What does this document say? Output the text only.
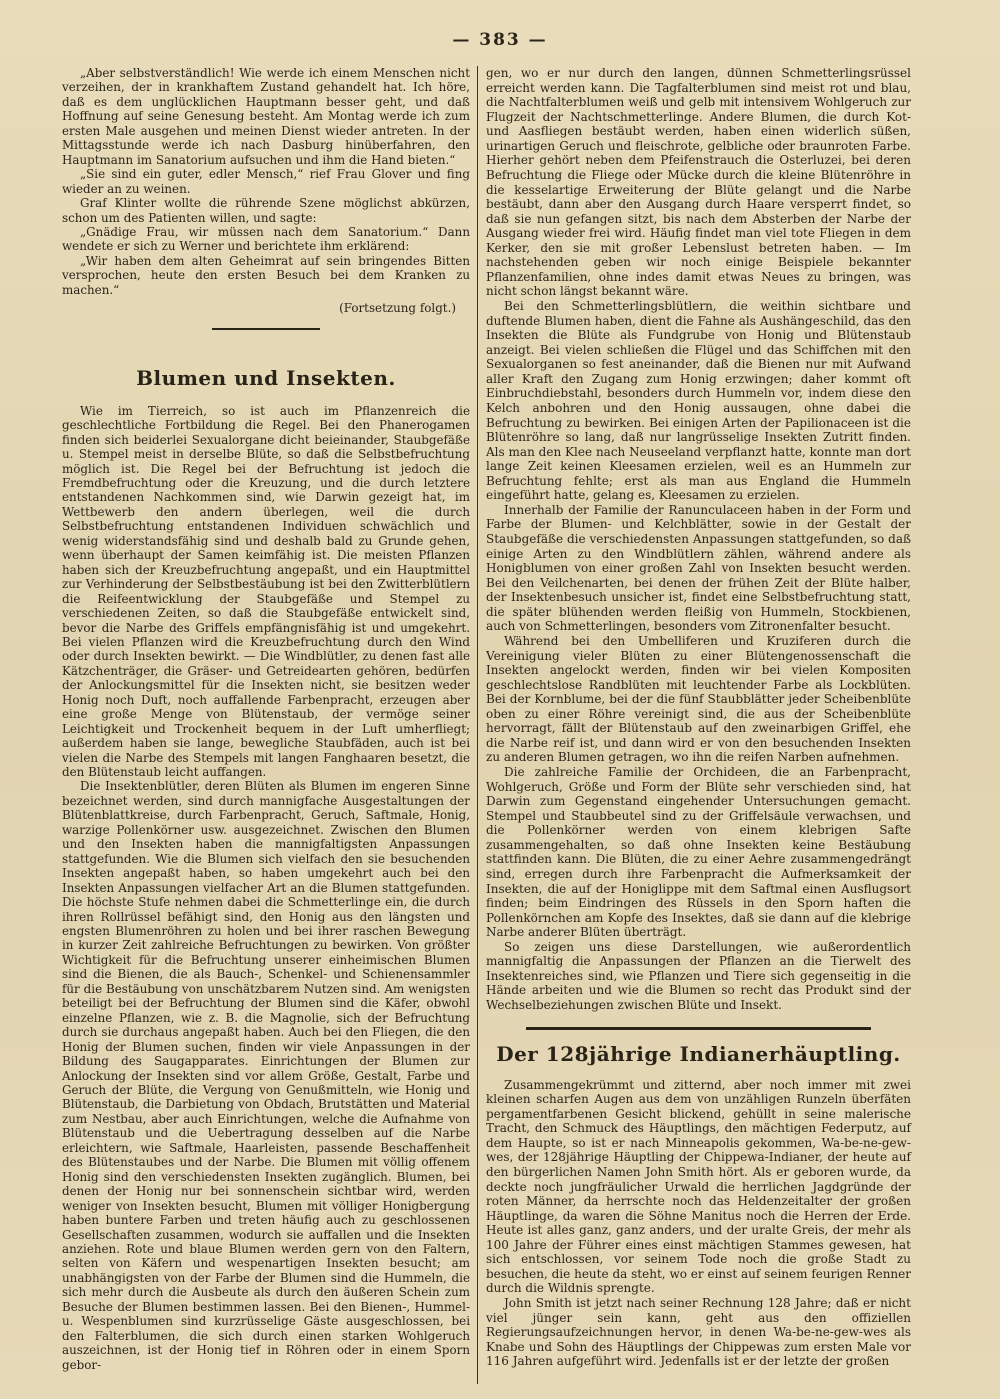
— 383 —

„Aber selbstverständlich! Wie werde ich einem Menschen nicht verzeihen, der in krankhaftem Zustand gehandelt hat. Ich höre, daß es dem unglücklichen Hauptmann besser geht, und daß Hoffnung auf seine Genesung besteht. Am Montag werde ich zum ersten Male ausgehen und meinen Dienst wieder antreten. In der Mittagsstunde werde ich nach Dasburg hinüberfahren, den Hauptmann im Sanatorium aufsuchen und ihm die Hand bieten.“

„Sie sind ein guter, edler Mensch,“ rief Frau Glover und fing wieder an zu weinen.

Graf Klinter wollte die rührende Szene möglichst abkürzen, schon um des Patienten willen, und sagte:

„Gnädige Frau, wir müssen nach dem Sanatorium.“ Dann wendete er sich zu Werner und berichtete ihm erklärend:

„Wir haben dem alten Geheimrat auf sein bringendes Bitten versprochen, heute den ersten Besuch bei dem Kranken zu machen.“

(Fortsetzung folgt.)

Blumen und Insekten.

Wie im Tierreich, so ist auch im Pflanzenreich die geschlechtliche Fortbildung die Regel. Bei den Phanerogamen finden sich beiderlei Sexualorgane dicht beieinander, Staubgefäße u. Stempel meist in derselbe Blüte, so daß die Selbstbefruchtung möglich ist. Die Regel bei der Befruchtung ist jedoch die Fremdbefruchtung oder die Kreuzung, und die durch letztere entstandenen Nachkommen sind, wie Darwin gezeigt hat, im Wettbewerb den andern überlegen, weil die durch Selbstbefruchtung entstandenen Individuen schwächlich und wenig widerstandsfähig sind und deshalb bald zu Grunde gehen, wenn überhaupt der Samen keimfähig ist. Die meisten Pflanzen haben sich der Kreuzbefruchtung angepaßt, und ein Hauptmittel zur Verhinderung der Selbstbestäubung ist bei den Zwitterblütlern die Reifeentwicklung der Staubgefäße und Stempel zu verschiedenen Zeiten, so daß die Staubgefäße entwickelt sind, bevor die Narbe des Griffels empfängnisfähig ist und umgekehrt. Bei vielen Pflanzen wird die Kreuzbefruchtung durch den Wind oder durch Insekten bewirkt. — Die Windblütler, zu denen fast alle Kätzchenträger, die Gräser- und Getreidearten gehören, bedürfen der Anlockungsmittel für die Insekten nicht, sie besitzen weder Honig noch Duft, noch auffallende Farbenpracht, erzeugen aber eine große Menge von Blütenstaub, der vermöge seiner Leichtigkeit und Trockenheit bequem in der Luft umherfliegt; außerdem haben sie lange, bewegliche Staubfäden, auch ist bei vielen die Narbe des Stempels mit langen Fanghaaren besetzt, die den Blütenstaub leicht auffangen.

Die Insektenblütler, deren Blüten als Blumen im engeren Sinne bezeichnet werden, sind durch mannigfache Ausgestaltungen der Blütenblattkreise, durch Farbenpracht, Geruch, Saftmale, Honig, warzige Pollenkörner usw. ausgezeichnet. Zwischen den Blumen und den Insekten haben die mannigfaltigsten Anpassungen stattgefunden. Wie die Blumen sich vielfach den sie besuchenden Insekten angepaßt haben, so haben umgekehrt auch bei den Insekten Anpassungen vielfacher Art an die Blumen stattgefunden. Die höchste Stufe nehmen dabei die Schmetterlinge ein, die durch ihren Rollrüssel befähigt sind, den Honig aus den längsten und engsten Blumenröhren zu holen und bei ihrer raschen Bewegung in kurzer Zeit zahlreiche Befruchtungen zu bewirken. Von größter Wichtigkeit für die Befruchtung unserer einheimischen Blumen sind die Bienen, die als Bauch-, Schenkel- und Schienensammler für die Bestäubung von unschätzbarem Nutzen sind. Am wenigsten beteiligt bei der Befruchtung der Blumen sind die Käfer, obwohl einzelne Pflanzen, wie z. B. die Magnolie, sich der Befruchtung durch sie durchaus angepaßt haben. Auch bei den Fliegen, die den Honig der Blumen suchen, finden wir viele Anpassungen in der Bildung des Saugapparates. Einrichtungen der Blumen zur Anlockung der Insekten sind vor allem Größe, Gestalt, Farbe und Geruch der Blüte, die Vergung von Genußmitteln, wie Honig und Blütenstaub, die Darbietung von Obdach, Brutstätten und Material zum Nestbau, aber auch Einrichtungen, welche die Aufnahme von Blütenstaub und die Uebertragung desselben auf die Narbe erleichtern, wie Saftmale, Haarleisten, passende Beschaffenheit des Blütenstaubes und der Narbe. Die Blumen mit völlig offenem Honig sind den verschiedensten Insekten zugänglich. Blumen, bei denen der Honig nur bei sonnenschein sichtbar wird, werden weniger von Insekten besucht, Blumen mit völliger Honigbergung haben buntere Farben und treten häufig auch zu geschlossenen Gesellschaften zusammen, wodurch sie auffallen und die Insekten anziehen. Rote und blaue Blumen werden gern von den Faltern, selten von Käfern und wespenartigen Insekten besucht; am unabhängigsten von der Farbe der Blumen sind die Hummeln, die sich mehr durch die Ausbeute als durch den äußeren Schein zum Besuche der Blumen bestimmen lassen. Bei den Bienen-, Hummel- u. Wespenblumen sind kurzrüsselige Gäste ausgeschlossen, bei den Falterblumen, die sich durch einen starken Wohlgeruch auszeichnen, ist der Honig tief in Röhren oder in einem Sporn gebor-

gen, wo er nur durch den langen, dünnen Schmetterlingsrüssel erreicht werden kann. Die Tagfalterblumen sind meist rot und blau, die Nachtfalterblumen weiß und gelb mit intensivem Wohlgeruch zur Flugzeit der Nachtschmetterlinge. Andere Blumen, die durch Kot- und Aasfliegen bestäubt werden, haben einen widerlich süßen, urinartigen Geruch und fleischrote, gelbliche oder braunroten Farbe. Hierher gehört neben dem Pfeifenstrauch die Osterluzei, bei deren Befruchtung die Fliege oder Mücke durch die kleine Blütenröhre in die kesselartige Erweiterung der Blüte gelangt und die Narbe bestäubt, dann aber den Ausgang durch Haare versperrt findet, so daß sie nun gefangen sitzt, bis nach dem Absterben der Narbe der Ausgang wieder frei wird. Häufig findet man viel tote Fliegen in dem Kerker, den sie mit großer Lebenslust betreten haben. — Im nachstehenden geben wir noch einige Beispiele bekannter Pflanzenfamilien, ohne indes damit etwas Neues zu bringen, was nicht schon längst bekannt wäre.

Bei den Schmetterlingsblütlern, die weithin sichtbare und duftende Blumen haben, dient die Fahne als Aushängeschild, das den Insekten die Blüte als Fundgrube von Honig und Blütenstaub anzeigt. Bei vielen schließen die Flügel und das Schiffchen mit den Sexualorganen so fest aneinander, daß die Bienen nur mit Aufwand aller Kraft den Zugang zum Honig erzwingen; daher kommt oft Einbruchdiebstahl, besonders durch Hummeln vor, indem diese den Kelch anbohren und den Honig aussaugen, ohne dabei die Befruchtung zu bewirken. Bei einigen Arten der Papilionaceen ist die Blütenröhre so lang, daß nur langrüsselige Insekten Zutritt finden. Als man den Klee nach Neuseeland verpflanzt hatte, konnte man dort lange Zeit keinen Kleesamen erzielen, weil es an Hummeln zur Befruchtung fehlte; erst als man aus England die Hummeln eingeführt hatte, gelang es, Kleesamen zu erzielen.

Innerhalb der Familie der Ranunculaceen haben in der Form und Farbe der Blumen- und Kelchblätter, sowie in der Gestalt der Staubgefäße die verschiedensten Anpassungen stattgefunden, so daß einige Arten zu den Windblütlern zählen, während andere als Honigblumen von einer großen Zahl von Insekten besucht werden. Bei den Veilchenarten, bei denen der frühen Zeit der Blüte halber, der Insektenbesuch unsicher ist, findet eine Selbstbefruchtung statt, die später blühenden werden fleißig von Hummeln, Stockbienen, auch von Schmetterlingen, besonders vom Zitronenfalter besucht.

Während bei den Umbelliferen und Kruziferen durch die Vereinigung vieler Blüten zu einer Blütengenossenschaft die Insekten angelockt werden, finden wir bei vielen Kompositen geschlechtslose Randblüten mit leuchtender Farbe als Lockblüten. Bei der Kornblume, bei der die fünf Staubblätter jeder Scheibenblüte oben zu einer Röhre vereinigt sind, die aus der Scheibenblüte hervorragt, fällt der Blütenstaub auf den zweinarbigen Griffel, ehe die Narbe reif ist, und dann wird er von den besuchenden Insekten zu anderen Blumen getragen, wo ihn die reifen Narben aufnehmen.

Die zahlreiche Familie der Orchideen, die an Farbenpracht, Wohlgeruch, Größe und Form der Blüte sehr verschieden sind, hat Darwin zum Gegenstand eingehender Untersuchungen gemacht. Stempel und Staubbeutel sind zu der Griffelsäule verwachsen, und die Pollenkörner werden von einem klebrigen Safte zusammengehalten, so daß ohne Insekten keine Bestäubung stattfinden kann. Die Blüten, die zu einer Aehre zusammengedrängt sind, erregen durch ihre Farbenpracht die Aufmerksamkeit der Insekten, die auf der Honiglippe mit dem Saftmal einen Ausflugsort finden; beim Eindringen des Rüssels in den Sporn haften die Pollenkörnchen am Kopfe des Insektes, daß sie dann auf die klebrige Narbe anderer Blüten überträgt.

So zeigen uns diese Darstellungen, wie außerordentlich mannigfaltig die Anpassungen der Pflanzen an die Tierwelt des Insektenreiches sind, wie Pflanzen und Tiere sich gegenseitig in die Hände arbeiten und wie die Blumen so recht das Produkt sind der Wechselbeziehungen zwischen Blüte und Insekt.

Der 128jährige Indianerhäuptling.

Zusammengekrümmt und zitternd, aber noch immer mit zwei kleinen scharfen Augen aus dem von unzähligen Runzeln überfäten pergamentfarbenen Gesicht blickend, gehüllt in seine malerische Tracht, den Schmuck des Häuptlings, den mächtigen Federputz, auf dem Haupte, so ist er nach Minneapolis gekommen, Wa-be-ne-gew-wes, der 128jährige Häuptling der Chippewa-Indianer, der heute auf den bürgerlichen Namen John Smith hört. Als er geboren wurde, da deckte noch jungfräulicher Urwald die herrlichen Jagdgründe der roten Männer, da herrschte noch das Heldenzeitalter der großen Häuptlinge, da waren die Söhne Manitus noch die Herren der Erde. Heute ist alles ganz, ganz anders, und der uralte Greis, der mehr als 100 Jahre der Führer eines einst mächtigen Stammes gewesen, hat sich entschlossen, vor seinem Tode noch die große Stadt zu besuchen, die heute da steht, wo er einst auf seinem feurigen Renner durch die Wildnis sprengte.

John Smith ist jetzt nach seiner Rechnung 128 Jahre; daß er nicht viel jünger sein kann, geht aus den offiziellen Regierungsaufzeichnungen hervor, in denen Wa-be-ne-gew-wes als Knabe und Sohn des Häuptlings der Chippewas zum ersten Male vor 116 Jahren aufgeführt wird. Jedenfalls ist er der letzte der großen
